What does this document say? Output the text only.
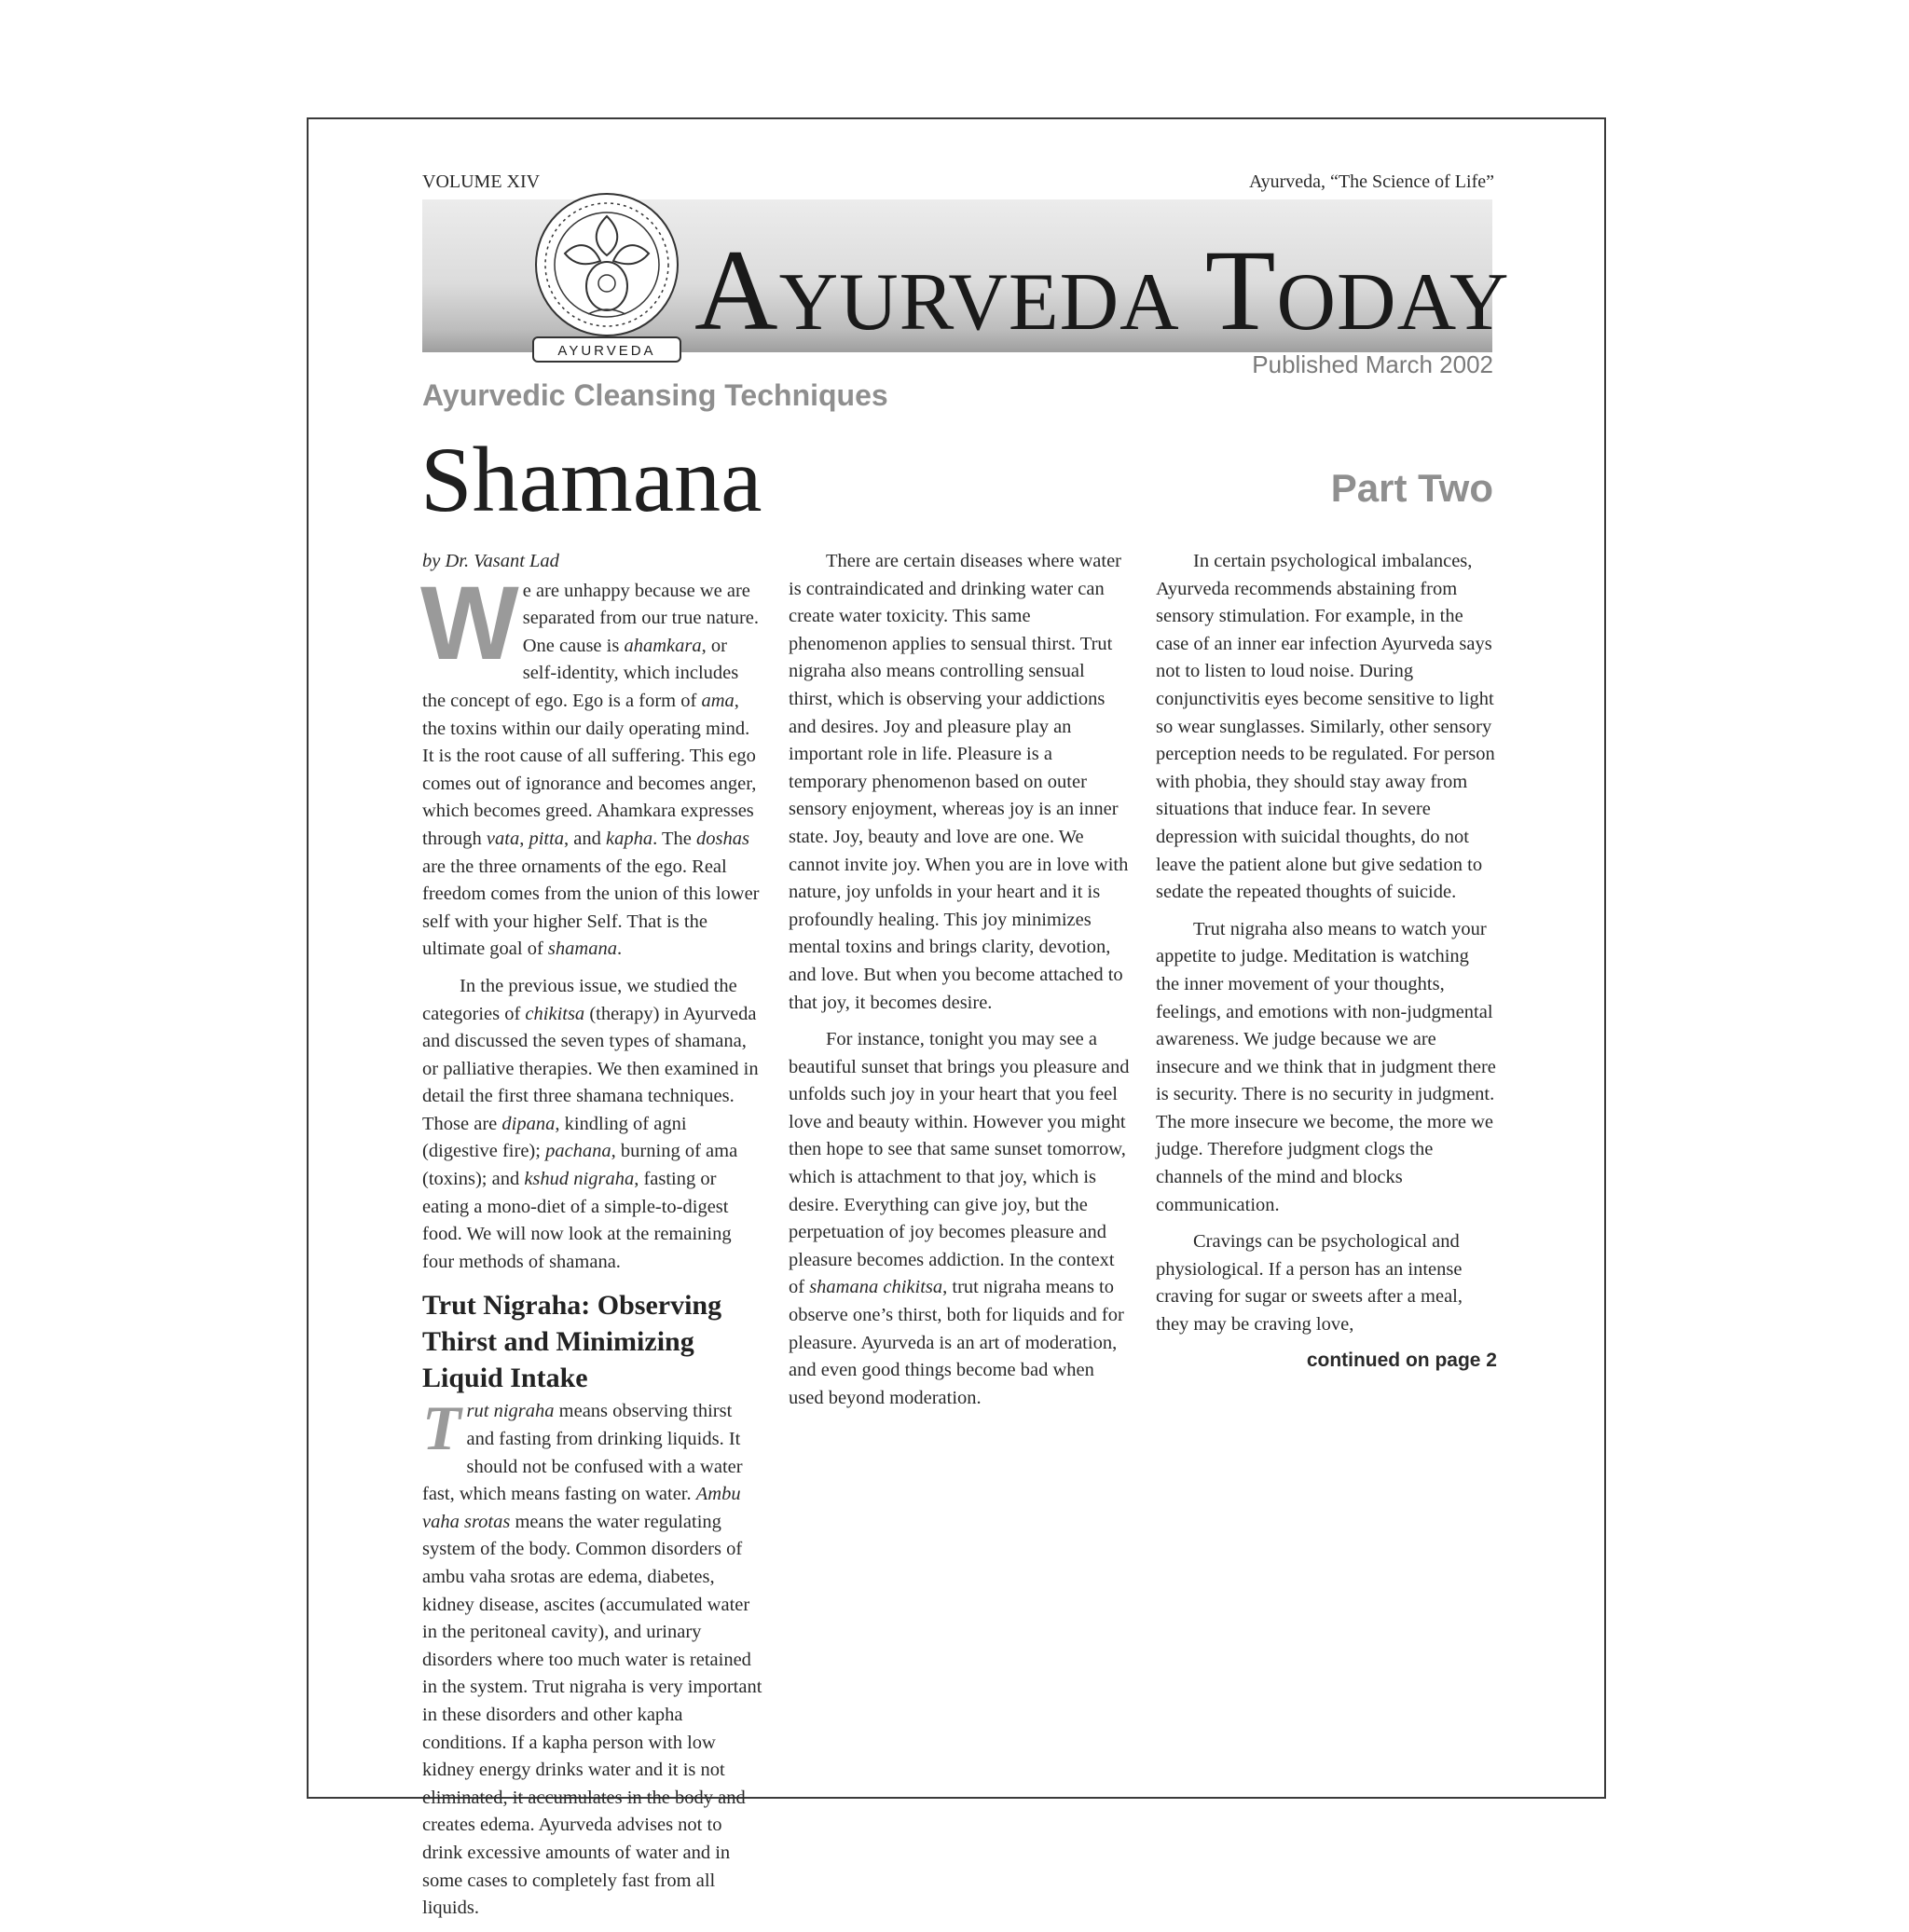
VOLUME XIV	Ayurveda, “The Science of Life”
AYURVEDA AYURVEDA TODAY
Published March 2002
Ayurvedic Cleansing Techniques
Shamana	Part Two
by Dr. Vasant Lad

We are unhappy because we are separated from our true nature. One cause is ahamkara, or self-identity, which includes the concept of ego. Ego is a form of ama, the toxins within our daily operating mind. It is the root cause of all suffering. This ego comes out of ignorance and becomes anger, which becomes greed. Ahamkara expresses through vata, pitta, and kapha. The doshas are the three ornaments of the ego. Real freedom comes from the union of this lower self with your higher Self. That is the ultimate goal of shamana.

In the previous issue, we studied the categories of chikitsa (therapy) in Ayurveda and discussed the seven types of shamana, or palliative therapies. We then examined in detail the first three shamana techniques. Those are dipana, kindling of agni (digestive fire); pachana, burning of ama (toxins); and kshud nigraha, fasting or eating a mono-diet of a simple-to-digest food. We will now look at the remaining four methods of shamana.

Trut Nigraha: Observing Thirst and Minimizing Liquid Intake

Trut nigraha means observing thirst and fasting from drinking liquids. It should not be confused with a water fast, which means fasting on water. Ambu vaha srotas means the water regulating system of the body. Common disorders of ambu vaha srotas are edema, diabetes, kidney disease, ascites (accumulated water in the peritoneal cavity), and urinary disorders where too much water is retained in the system. Trut nigraha is very important in these disorders and other kapha conditions. If a kapha person with low kidney energy drinks water and it is not eliminated, it accumulates in the body and creates edema. Ayurveda advises not to drink excessive amounts of water and in some cases to completely fast from all liquids.

There are certain diseases where water is contraindicated and drinking water can create water toxicity. This same phenomenon applies to sensual thirst. Trut nigraha also means controlling sensual thirst, which is observing your addictions and desires. Joy and pleasure play an important role in life. Pleasure is a temporary phenomenon based on outer sensory enjoyment, whereas joy is an inner state. Joy, beauty and love are one. We cannot invite joy. When you are in love with nature, joy unfolds in your heart and it is profoundly healing. This joy minimizes mental toxins and brings clarity, devotion, and love. But when you become attached to that joy, it becomes desire.

For instance, tonight you may see a beautiful sunset that brings you pleasure and unfolds such joy in your heart that you feel love and beauty within. However you might then hope to see that same sunset tomorrow, which is attachment to that joy, which is desire. Everything can give joy, but the perpetuation of joy becomes pleasure and pleasure becomes addiction. In the context of shamana chikitsa, trut nigraha means to observe one’s thirst, both for liquids and for pleasure. Ayurveda is an art of moderation, and even good things become bad when used beyond moderation.

In certain psychological imbalances, Ayurveda recommends abstaining from sensory stimulation. For example, in the case of an inner ear infection Ayurveda says not to listen to loud noise. During conjunctivitis eyes become sensitive to light so wear sunglasses. Similarly, other sensory perception needs to be regulated. For person with phobia, they should stay away from situations that induce fear. In severe depression with suicidal thoughts, do not leave the patient alone but give sedation to sedate the repeated thoughts of suicide.

Trut nigraha also means to watch your appetite to judge. Meditation is watching the inner movement of your thoughts, feelings, and emotions with non-judgmental awareness. We judge because we are insecure and we think that in judgment there is security. There is no security in judgment. The more insecure we become, the more we judge. Therefore judgment clogs the channels of the mind and blocks communication.

Cravings can be psychological and physiological. If a person has an intense craving for sugar or sweets after a meal, they may be craving love,

continued on page 2
